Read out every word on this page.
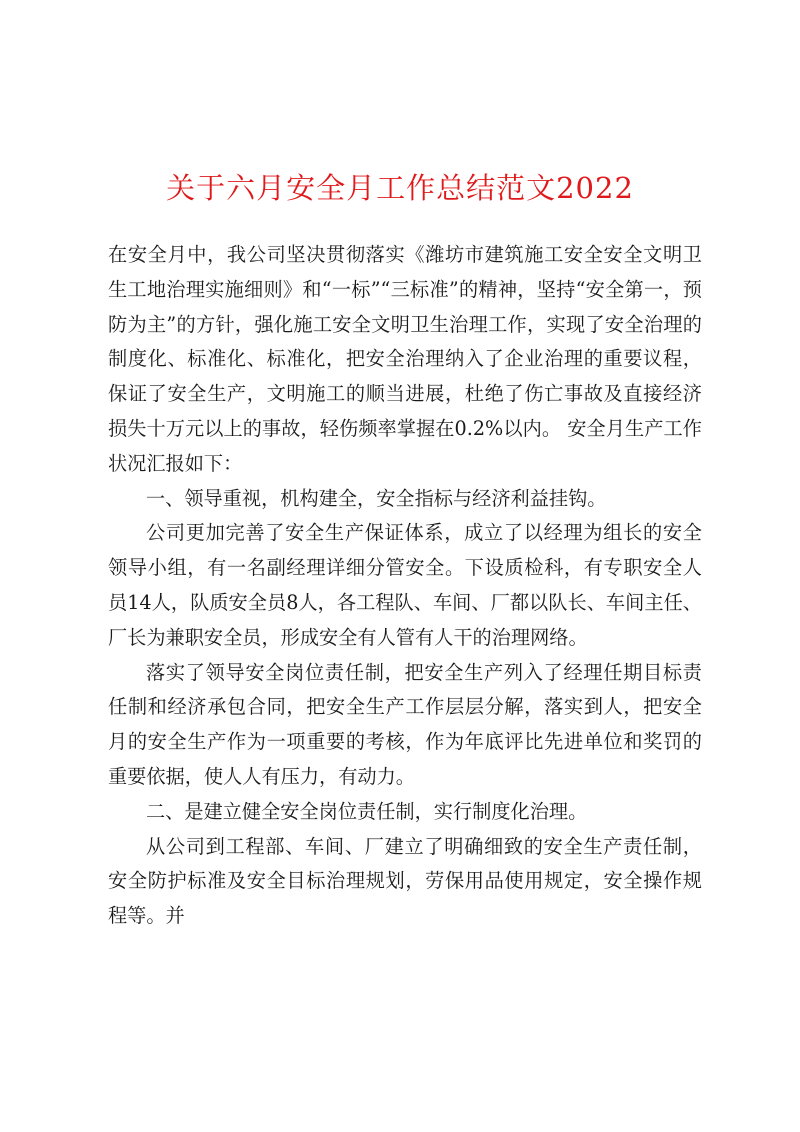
关于六月安全月工作总结范文2022

在安全月中，我公司坚决贯彻落实《潍坊市建筑施工安全安全文明卫生工地治理实施细则》和“一标”“三标准”的精神，坚持“安全第一，预防为主”的方针，强化施工安全文明卫生治理工作，实现了安全治理的制度化、标准化、标准化，把安全治理纳入了企业治理的重要议程，保证了安全生产，文明施工的顺当进展，杜绝了伤亡事故及直接经济损失十万元以上的事故，轻伤频率掌握在0.2%以内。 安全月生产工作状况汇报如下：

一、领导重视，机构建全，安全指标与经济利益挂钩。

公司更加完善了安全生产保证体系，成立了以经理为组长的安全领导小组，有一名副经理详细分管安全。下设质检科，有专职安全人员14人，队质安全员8人，各工程队、车间、厂都以队长、车间主任、厂长为兼职安全员，形成安全有人管有人干的治理网络。

落实了领导安全岗位责任制，把安全生产列入了经理任期目标责任制和经济承包合同，把安全生产工作层层分解，落实到人，把安全月的安全生产作为一项重要的考核，作为年底评比先进单位和奖罚的重要依据，使人人有压力，有动力。

二、是建立健全安全岗位责任制，实行制度化治理。

从公司到工程部、车间、厂建立了明确细致的安全生产责任制，安全防护标准及安全目标治理规划，劳保用品使用规定，安全操作规程等。并
